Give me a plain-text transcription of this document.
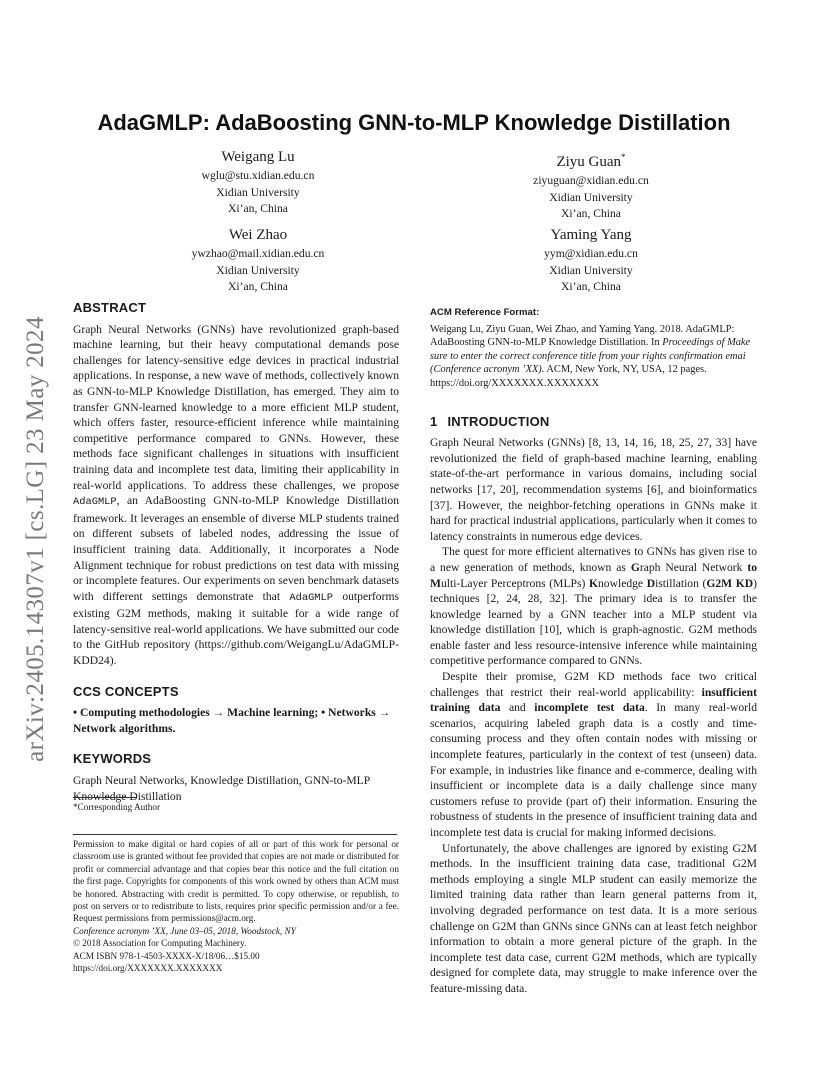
arXiv:2405.14307v1 [cs.LG] 23 May 2024
AdaGMLP: AdaBoosting GNN-to-MLP Knowledge Distillation
Weigang Lu
wglu@stu.xidian.edu.cn
Xidian University
Xi’an, China
Ziyu Guan*
ziyuguan@xidian.edu.cn
Xidian University
Xi’an, China
Wei Zhao
ywzhao@mail.xidian.edu.cn
Xidian University
Xi’an, China
Yaming Yang
yym@xidian.edu.cn
Xidian University
Xi’an, China
ABSTRACT

Graph Neural Networks (GNNs) have revolutionized graph-based machine learning, but their heavy computational demands pose challenges for latency-sensitive edge devices in practical industrial applications. In response, a new wave of methods, collectively known as GNN-to-MLP Knowledge Distillation, has emerged. They aim to transfer GNN-learned knowledge to a more efficient MLP student, which offers faster, resource-efficient inference while maintaining competitive performance compared to GNNs. However, these methods face significant challenges in situations with insufficient training data and incomplete test data, limiting their applicability in real-world applications. To address these challenges, we propose AdaGMLP, an AdaBoosting GNN-to-MLP Knowledge Distillation framework. It leverages an ensemble of diverse MLP students trained on different subsets of labeled nodes, addressing the issue of insufficient training data. Additionally, it incorporates a Node Alignment technique for robust predictions on test data with missing or incomplete features. Our experiments on seven benchmark datasets with different settings demonstrate that AdaGMLP outperforms existing G2M methods, making it suitable for a wide range of latency-sensitive real-world applications. We have submitted our code to the GitHub repository (https://github.com/WeigangLu/AdaGMLP-KDD24).

CCS CONCEPTS

• Computing methodologies → Machine learning; • Networks → Network algorithms.

KEYWORDS

Graph Neural Networks, Knowledge Distillation, GNN-to-MLP Knowledge Distillation

*Corresponding Author

Permission to make digital or hard copies of all or part of this work for personal or classroom use is granted without fee provided that copies are not made or distributed for profit or commercial advantage and that copies bear this notice and the full citation on the first page. Copyrights for components of this work owned by others than ACM must be honored. Abstracting with credit is permitted. To copy otherwise, or republish, to post on servers or to redistribute to lists, requires prior specific permission and/or a fee. Request permissions from permissions@acm.org.

Conference acronym ’XX, June 03–05, 2018, Woodstock, NY

© 2018 Association for Computing Machinery.

ACM ISBN 978-1-4503-XXXX-X/18/06…$15.00

https://doi.org/XXXXXXX.XXXXXXX

ACM Reference Format:

Weigang Lu, Ziyu Guan, Wei Zhao, and Yaming Yang. 2018. AdaGMLP: AdaBoosting GNN-to-MLP Knowledge Distillation. In Proceedings of Make sure to enter the correct conference title from your rights confirmation emai (Conference acronym ’XX). ACM, New York, NY, USA, 12 pages. https://doi.org/XXXXXXX.XXXXXXX

1 INTRODUCTION

Graph Neural Networks (GNNs) [8, 13, 14, 16, 18, 25, 27, 33] have revolutionized the field of graph-based machine learning, enabling state-of-the-art performance in various domains, including social networks [17, 20], recommendation systems [6], and bioinformatics [37]. However, the neighbor-fetching operations in GNNs make it hard for practical industrial applications, particularly when it comes to latency constraints in numerous edge devices.

The quest for more efficient alternatives to GNNs has given rise to a new generation of methods, known as Graph Neural Network to Multi-Layer Perceptrons (MLPs) Knowledge Distillation (G2M KD) techniques [2, 24, 28, 32]. The primary idea is to transfer the knowledge learned by a GNN teacher into a MLP student via knowledge distillation [10], which is graph-agnostic. G2M methods enable faster and less resource-intensive inference while maintaining competitive performance compared to GNNs.

Despite their promise, G2M KD methods face two critical challenges that restrict their real-world applicability: insufficient training data and incomplete test data. In many real-world scenarios, acquiring labeled graph data is a costly and time-consuming process and they often contain nodes with missing or incomplete features, particularly in the context of test (unseen) data. For example, in industries like finance and e-commerce, dealing with insufficient or incomplete data is a daily challenge since many customers refuse to provide (part of) their information. Ensuring the robustness of students in the presence of insufficient training data and incomplete test data is crucial for making informed decisions.

Unfortunately, the above challenges are ignored by existing G2M methods. In the insufficient training data case, traditional G2M methods employing a single MLP student can easily memorize the limited training data rather than learn general patterns from it, involving degraded performance on test data. It is a more serious challenge on G2M than GNNs since GNNs can at least fetch neighbor information to obtain a more general picture of the graph. In the incomplete test data case, current G2M methods, which are typically designed for complete data, may struggle to make inference over the feature-missing data.
